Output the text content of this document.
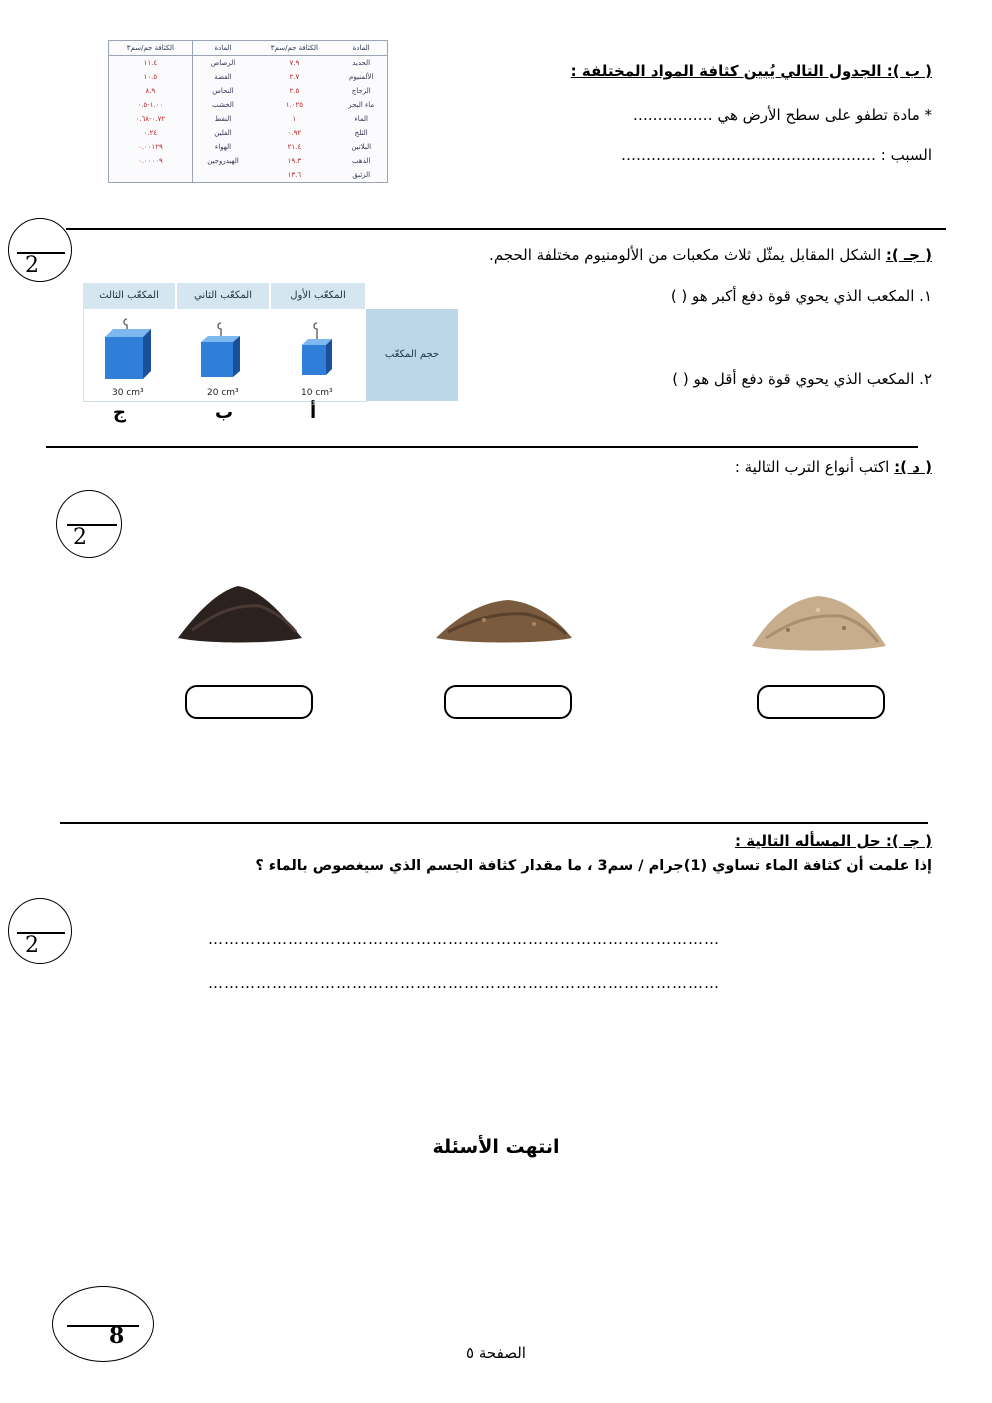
المادة	الكثافة جم/سم٣	المادة	الكثافة جم/سم٣
الحديد	٧.٩	الرصاص	١١.٤
الألمنيوم	٢.٧	الفضة	١٠.٥
الزجاج	٢.٥	النحاس	٨.٩
ماء البحر	١.٠٢٥	الخشب	١.٠٠-٠.٥
الماء	١	النفط	٠.٧٢-٠.٦٨
الثلج	٠.٩٢	الفلين	٠.٢٤
البلاتين	٢١.٤	الهواء	٠.٠٠١٢٩
الذهب	١٩.٣	الهيدروجين	٠.٠٠٠٠٩
الزئبق	١٣.٦		
( ب ): الجدول التالي يُبين كثافة المواد المختلفة :
* مادة تطفو على سطح الأرض هي ………….…
السبب : ……………………………………………
2	( جـ ): الشكل المقابل يمثّل ثلاث مكعبات من الألومنيوم مختلفة الحجم.
١. المكعب الذي يحوي قوة دفع أكبر هو ( )
٢. المكعب الذي يحوي قوة دفع أقل هو ( )
المكعّب الأول
المكعّب الثاني
المكعّب الثالث
حجم المكعّب
10 cm³
20 cm³
30 cm³
أ
ب
ج
( د ): اكتب أنواع الترب التالية :
2
( جـ ): حل المسأله التالية :
إذا علمت أن كثافة الماء تساوي (1)جرام / سم3 ، ما مقدار كثافة الجسم الذي سيغصوص بالماء ؟
2	……………………………………………………………………………………
……………………………………………………………………………………
انتهت الأسئلة
8
الصفحة ٥
